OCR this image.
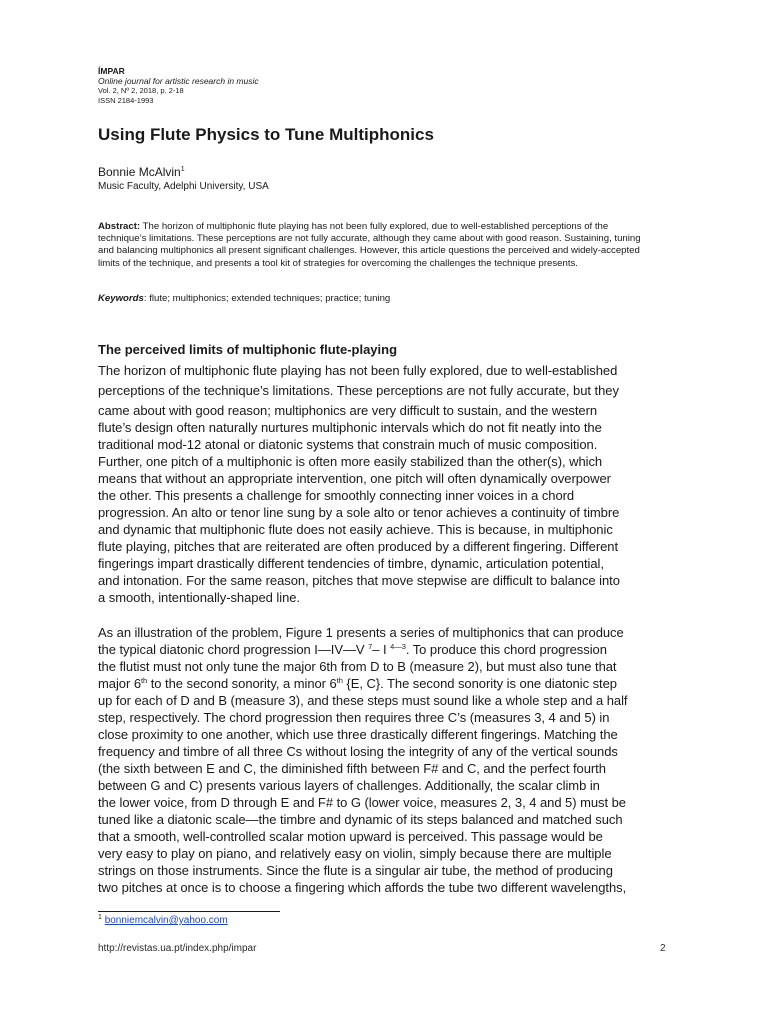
ÍMPAR
Online journal for artistic research in music
Vol. 2, Nº 2, 2018, p. 2-18
ISSN 2184-1993
Using Flute Physics to Tune Multiphonics
Bonnie McAlvin$^1$
Music Faculty, Adelphi University, USA

Abstract: The horizon of multiphonic flute playing has not been fully explored, due to well-established perceptions of the technique’s limitations. These perceptions are not fully accurate, although they came about with good reason. Sustaining, tuning and balancing multiphonics all present significant challenges. However, this article questions the perceived and widely-accepted limits of the technique, and presents a tool kit of strategies for overcoming the challenges the technique presents.

Keywords: flute; multiphonics; extended techniques; practice; tuning
The perceived limits of multiphonic flute-playing
The horizon of multiphonic flute playing has not been fully explored, due to well-established
perceptions of the technique’s limitations. These perceptions are not fully accurate, but they
came about with good reason; multiphonics are very difficult to sustain, and the western
flute’s design often naturally nurtures multiphonic intervals which do not fit neatly into the
traditional mod-12 atonal or diatonic systems that constrain much of music composition.
Further, one pitch of a multiphonic is often more easily stabilized than the other(s), which
means that without an appropriate intervention, one pitch will often dynamically overpower
the other. This presents a challenge for smoothly connecting inner voices in a chord
progression. An alto or tenor line sung by a sole alto or tenor achieves a continuity of timbre
and dynamic that multiphonic flute does not easily achieve. This is because, in multiphonic
flute playing, pitches that are reiterated are often produced by a different fingering. Different
fingerings impart drastically different tendencies of timbre, dynamic, articulation potential,
and intonation. For the same reason, pitches that move stepwise are difficult to balance into
a smooth, intentionally-shaped line.
As an illustration of the problem, Figure 1 presents a series of multiphonics that can produce
the typical diatonic chord progression I—IV—V $^7$– I $^{4—3}$. To produce this chord progression
the flutist must not only tune the major 6th from D to B (measure 2), but must also tune that
major 6th to the second sonority, a minor 6th {E, C}. The second sonority is one diatonic step
up for each of D and B (measure 3), and these steps must sound like a whole step and a half
step, respectively. The chord progression then requires three C’s (measures 3, 4 and 5) in
close proximity to one another, which use three drastically different fingerings. Matching the
frequency and timbre of all three Cs without losing the integrity of any of the vertical sounds
(the sixth between E and C, the diminished fifth between F# and C, and the perfect fourth
between G and C) presents various layers of challenges. Additionally, the scalar climb in
the lower voice, from D through E and F# to G (lower voice, measures 2, 3, 4 and 5) must be
tuned like a diatonic scale—the timbre and dynamic of its steps balanced and matched such
that a smooth, well-controlled scalar motion upward is perceived. This passage would be
very easy to play on piano, and relatively easy on violin, simply because there are multiple
strings on those instruments. Since the flute is a singular air tube, the method of producing
two pitches at once is to choose a fingering which affords the tube two different wavelengths,
$^1$ bonniemcalvin@yahoo.com
http://revistas.ua.pt/index.php/impar	2
